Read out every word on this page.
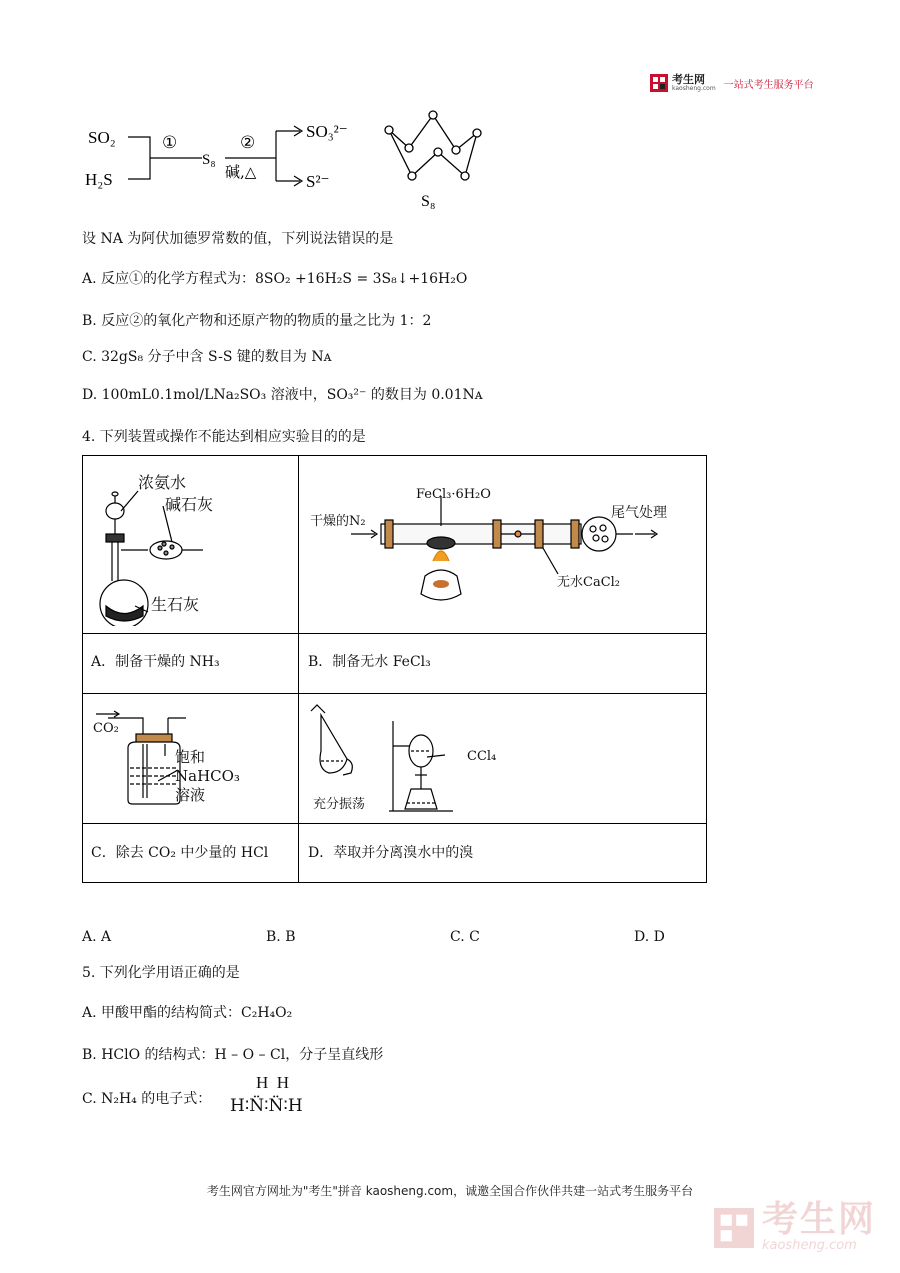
考生网
kaosheng.com 一站式考生服务平台
SO₂
H₂S
①
S₈
②
碱,△
SO₃²⁻
S²⁻
S₈
设 NA 为阿伏加德罗常数的值，下列说法错误的是
A. 反应①的化学方程式为：8SO₂ +16H₂S = 3S₈↓+16H₂O
B. 反应②的氧化产物和还原产物的物质的量之比为 1：2
C. 32gS₈ 分子中含 S-S 键的数目为 Nᴀ
D. 100mL0.1mol/LNa₂SO₃ 溶液中，SO₃²⁻ 的数目为 0.01Nᴀ
4. 下列装置或操作不能达到相应实验目的的是
浓氨水
碱石灰
生石灰
A．制备干燥的 NH₃
FeCl₃·6H₂O
干燥的N₂
尾气处理
无水CaCl₂
B．制备无水 FeCl₃
CO₂
饱和
NaHCO₃
溶液
C．除去 CO₂ 中少量的 HCl
充分振荡
CCl₄
D．萃取并分离溴水中的溴
A. A	B. B	C. C	D. D
5. 下列化学用语正确的是
A. 甲酸甲酯的结构简式：C₂H₄O₂
B. HClO 的结构式：H – O – Cl，分子呈直线形
C. N₂H₄ 的电子式：
H  H
H∶N̈∶N̈∶H
考生网官方网址为"考生"拼音 kaosheng.com，诚邀全国合作伙伴共建一站式考生服务平台
考生网
kaosheng.com
